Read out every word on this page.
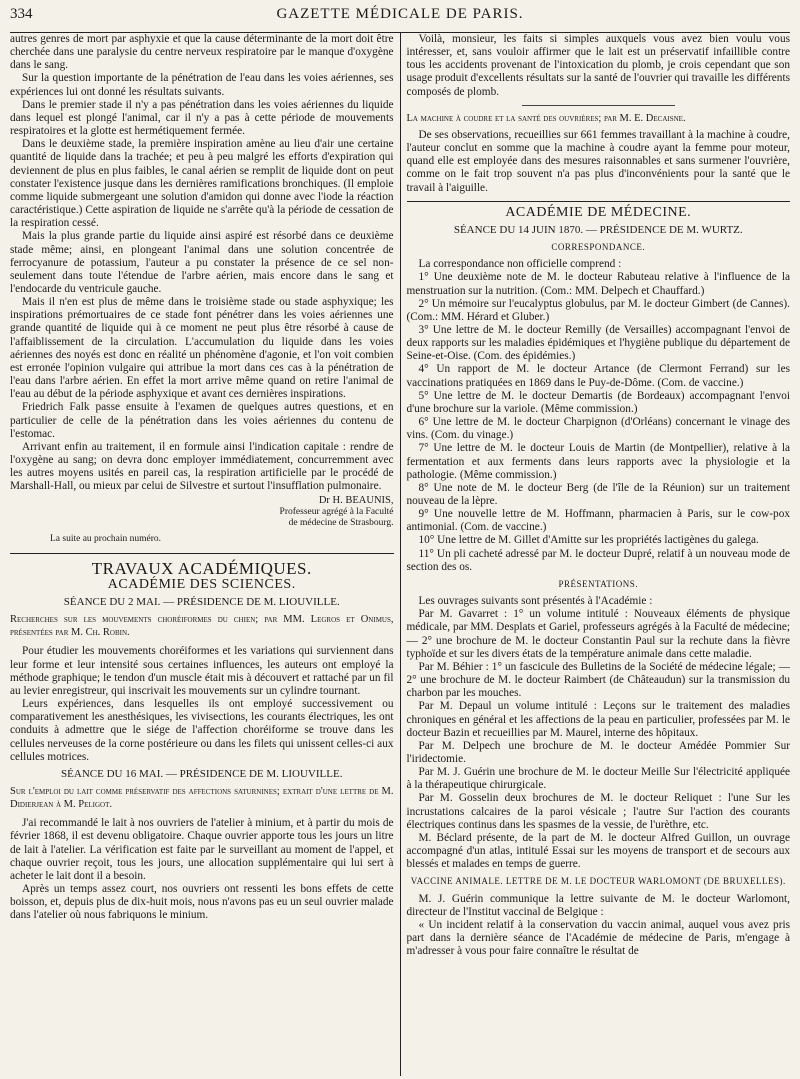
334	GAZETTE MÉDICALE DE PARIS.

autres genres de mort par asphyxie et que la cause déterminante de la mort doit être cherchée dans une paralysie du centre nerveux respiratoire par le manque d'oxygène dans le sang.

Sur la question importante de la pénétration de l'eau dans les voies aériennes, ses expériences lui ont donné les résultats suivants.

Dans le premier stade il n'y a pas pénétration dans les voies aériennes du liquide dans lequel est plongé l'animal, car il n'y a pas à cette période de mouvements respiratoires et la glotte est hermétiquement fermée.

Dans le deuxième stade, la première inspiration amène au lieu d'air une certaine quantité de liquide dans la trachée; et peu à peu malgré les efforts d'expiration qui deviennent de plus en plus faibles, le canal aérien se remplit de liquide dont on peut constater l'existence jusque dans les dernières ramifications bronchiques. (Il emploie comme liquide submergeant une solution d'amidon qui donne avec l'iode la réaction caractéristique.) Cette aspiration de liquide ne s'arrête qu'à la période de cessation de la respiration cessé.

Mais la plus grande partie du liquide ainsi aspiré est résorbé dans ce deuxième stade même; ainsi, en plongeant l'animal dans une solution concentrée de ferrocyanure de potassium, l'auteur a pu constater la présence de ce sel non-seulement dans toute l'étendue de l'arbre aérien, mais encore dans le sang et l'endocarde du ventricule gauche.

Mais il n'en est plus de même dans le troisième stade ou stade asphyxique; les inspirations prémortuaires de ce stade font pénétrer dans les voies aériennes une grande quantité de liquide qui à ce moment ne peut plus être résorbé à cause de l'affaiblissement de la circulation. L'accumulation du liquide dans les voies aériennes des noyés est donc en réalité un phénomène d'agonie, et l'on voit combien est erronée l'opinion vulgaire qui attribue la mort dans ces cas à la pénétration de l'eau dans l'arbre aérien. En effet la mort arrive même quand on retire l'animal de l'eau au début de la période asphyxique et avant ces dernières inspirations.

Friedrich Falk passe ensuite à l'examen de quelques autres questions, et en particulier de celle de la pénétration dans les voies aériennes du contenu de l'estomac.

Arrivant enfin au traitement, il en formule ainsi l'indication capitale : rendre de l'oxygène au sang; on devra donc employer immédiatement, concurremment avec les autres moyens usités en pareil cas, la respiration artificielle par le procédé de Marshall-Hall, ou mieux par celui de Silvestre et surtout l'insufflation pulmonaire.

Dr H. BEAUNIS,
Professeur agrégé à la Faculté
de médecine de Strasbourg.
La suite au prochain numéro.
TRAVAUX ACADÉMIQUES.
ACADÉMIE DES SCIENCES.
SÉANCE DU 2 MAI. — PRÉSIDENCE DE M. LIOUVILLE.

Recherches sur les mouvements choréiformes du chien; par MM. Legros et Onimus, présentées par M. Ch. Robin.

Pour étudier les mouvements choréiformes et les variations qui surviennent dans leur forme et leur intensité sous certaines influences, les auteurs ont employé la méthode graphique; le tendon d'un muscle était mis à découvert et rattaché par un fil au levier enregistreur, qui inscrivait les mouvements sur un cylindre tournant.

Leurs expériences, dans lesquelles ils ont employé successivement ou comparativement les anesthésiques, les vivisections, les courants électriques, les ont conduits à admettre que le siége de l'affection choréiforme se trouve dans les cellules nerveuses de la corne postérieure ou dans les filets qui unissent celles-ci aux cellules motrices.

SÉANCE DU 16 MAI. — PRÉSIDENCE DE M. LIOUVILLE.

Sur l'emploi du lait comme préservatif des affections saturnines; extrait d'une lettre de M. Didierjean à M. Peligot.

J'ai recommandé le lait à nos ouvriers de l'atelier à minium, et à partir du mois de février 1868, il est devenu obligatoire. Chaque ouvrier apporte tous les jours un litre de lait à l'atelier. La vérification est faite par le surveillant au moment de l'appel, et chaque ouvrier reçoit, tous les jours, une allocation supplémentaire qui lui sert à acheter le lait dont il a besoin.

Après un temps assez court, nos ouvriers ont ressenti les bons effets de cette boisson, et, depuis plus de dix-huit mois, nous n'avons pas eu un seul ouvrier malade dans l'atelier où nous fabriquons le minium.

Voilà, monsieur, les faits si simples auxquels vous avez bien voulu vous intéresser, et, sans vouloir affirmer que le lait est un préservatif infaillible contre tous les accidents provenant de l'intoxication du plomb, je crois cependant que son usage produit d'excellents résultats sur la santé de l'ouvrier qui travaille les différents composés de plomb.

La machine à coudre et la santé des ouvrières; par M. E. Decaisne.

De ses observations, recueillies sur 661 femmes travaillant à la machine à coudre, l'auteur conclut en somme que la machine à coudre ayant la femme pour moteur, quand elle est employée dans des mesures raisonnables et sans surmener l'ouvrière, comme on le fait trop souvent n'a pas plus d'inconvénients pour la santé que le travail à l'aiguille.

ACADÉMIE DE MÉDECINE.
SÉANCE DU 14 JUIN 1870. — PRÉSIDENCE DE M. WURTZ.
CORRESPONDANCE.

La correspondance non officielle comprend :

1° Une deuxième note de M. le docteur Rabuteau relative à l'influence de la menstruation sur la nutrition. (Com.: MM. Delpech et Chauffard.)

2° Un mémoire sur l'eucalyptus globulus, par M. le docteur Gimbert (de Cannes). (Com.: MM. Hérard et Gluber.)

3° Une lettre de M. le docteur Remilly (de Versailles) accompagnant l'envoi de deux rapports sur les maladies épidémiques et l'hygiène publique du département de Seine-et-Oise. (Com. des épidémies.)

4° Un rapport de M. le docteur Artance (de Clermont Ferrand) sur les vaccinations pratiquées en 1869 dans le Puy-de-Dôme. (Com. de vaccine.)

5° Une lettre de M. le docteur Demartis (de Bordeaux) accompagnant l'envoi d'une brochure sur la variole. (Même commission.)

6° Une lettre de M. le docteur Charpignon (d'Orléans) concernant le vinage des vins. (Com. du vinage.)

7° Une lettre de M. le docteur Louis de Martin (de Montpellier), relative à la fermentation et aux ferments dans leurs rapports avec la physiologie et la pathologie. (Même commission.)

8° Une note de M. le docteur Berg (de l'île de la Réunion) sur un traitement nouveau de la lèpre.

9° Une nouvelle lettre de M. Hoffmann, pharmacien à Paris, sur le cow-pox antimonial. (Com. de vaccine.)

10° Une lettre de M. Gillet d'Amitte sur les propriétés lactigènes du galega.

11° Un pli cacheté adressé par M. le docteur Dupré, relatif à un nouveau mode de section des os.

PRÉSENTATIONS.

Les ouvrages suivants sont présentés à l'Académie :

Par M. Gavarret : 1° un volume intitulé : Nouveaux éléments de physique médicale, par MM. Desplats et Gariel, professeurs agrégés à la Faculté de médecine; — 2° une brochure de M. le docteur Constantin Paul sur la rechute dans la fièvre typhoïde et sur les divers états de la température animale dans cette maladie.

Par M. Béhier : 1° un fascicule des Bulletins de la Société de médecine légale; — 2° une brochure de M. le docteur Raimbert (de Châteaudun) sur la transmission du charbon par les mouches.

Par M. Depaul un volume intitulé : Leçons sur le traitement des maladies chroniques en général et les affections de la peau en particulier, professées par M. le docteur Bazin et recueillies par M. Maurel, interne des hôpitaux.

Par M. Delpech une brochure de M. le docteur Amédée Pommier Sur l'iridectomie.

Par M. J. Guérin une brochure de M. le docteur Meille Sur l'électricité appliquée à la thérapeutique chirurgicale.

Par M. Gosselin deux brochures de M. le docteur Reliquet : l'une Sur les incrustations calcaires de la paroi vésicale ; l'autre Sur l'action des courants électriques continus dans les spasmes de la vessie, de l'urèthre, etc.

M. Béclard présente, de la part de M. le docteur Alfred Guillon, un ouvrage accompagné d'un atlas, intitulé Essai sur les moyens de transport et de secours aux blessés et malades en temps de guerre.

VACCINE ANIMALE. LETTRE DE M. LE DOCTEUR WARLOMONT (DE BRUXELLES).

M. J. Guérin communique la lettre suivante de M. le docteur Warlomont, directeur de l'Institut vaccinal de Belgique :

« Un incident relatif à la conservation du vaccin animal, auquel vous avez pris part dans la dernière séance de l'Académie de médecine de Paris, m'engage à m'adresser à vous pour faire connaître le résultat de
